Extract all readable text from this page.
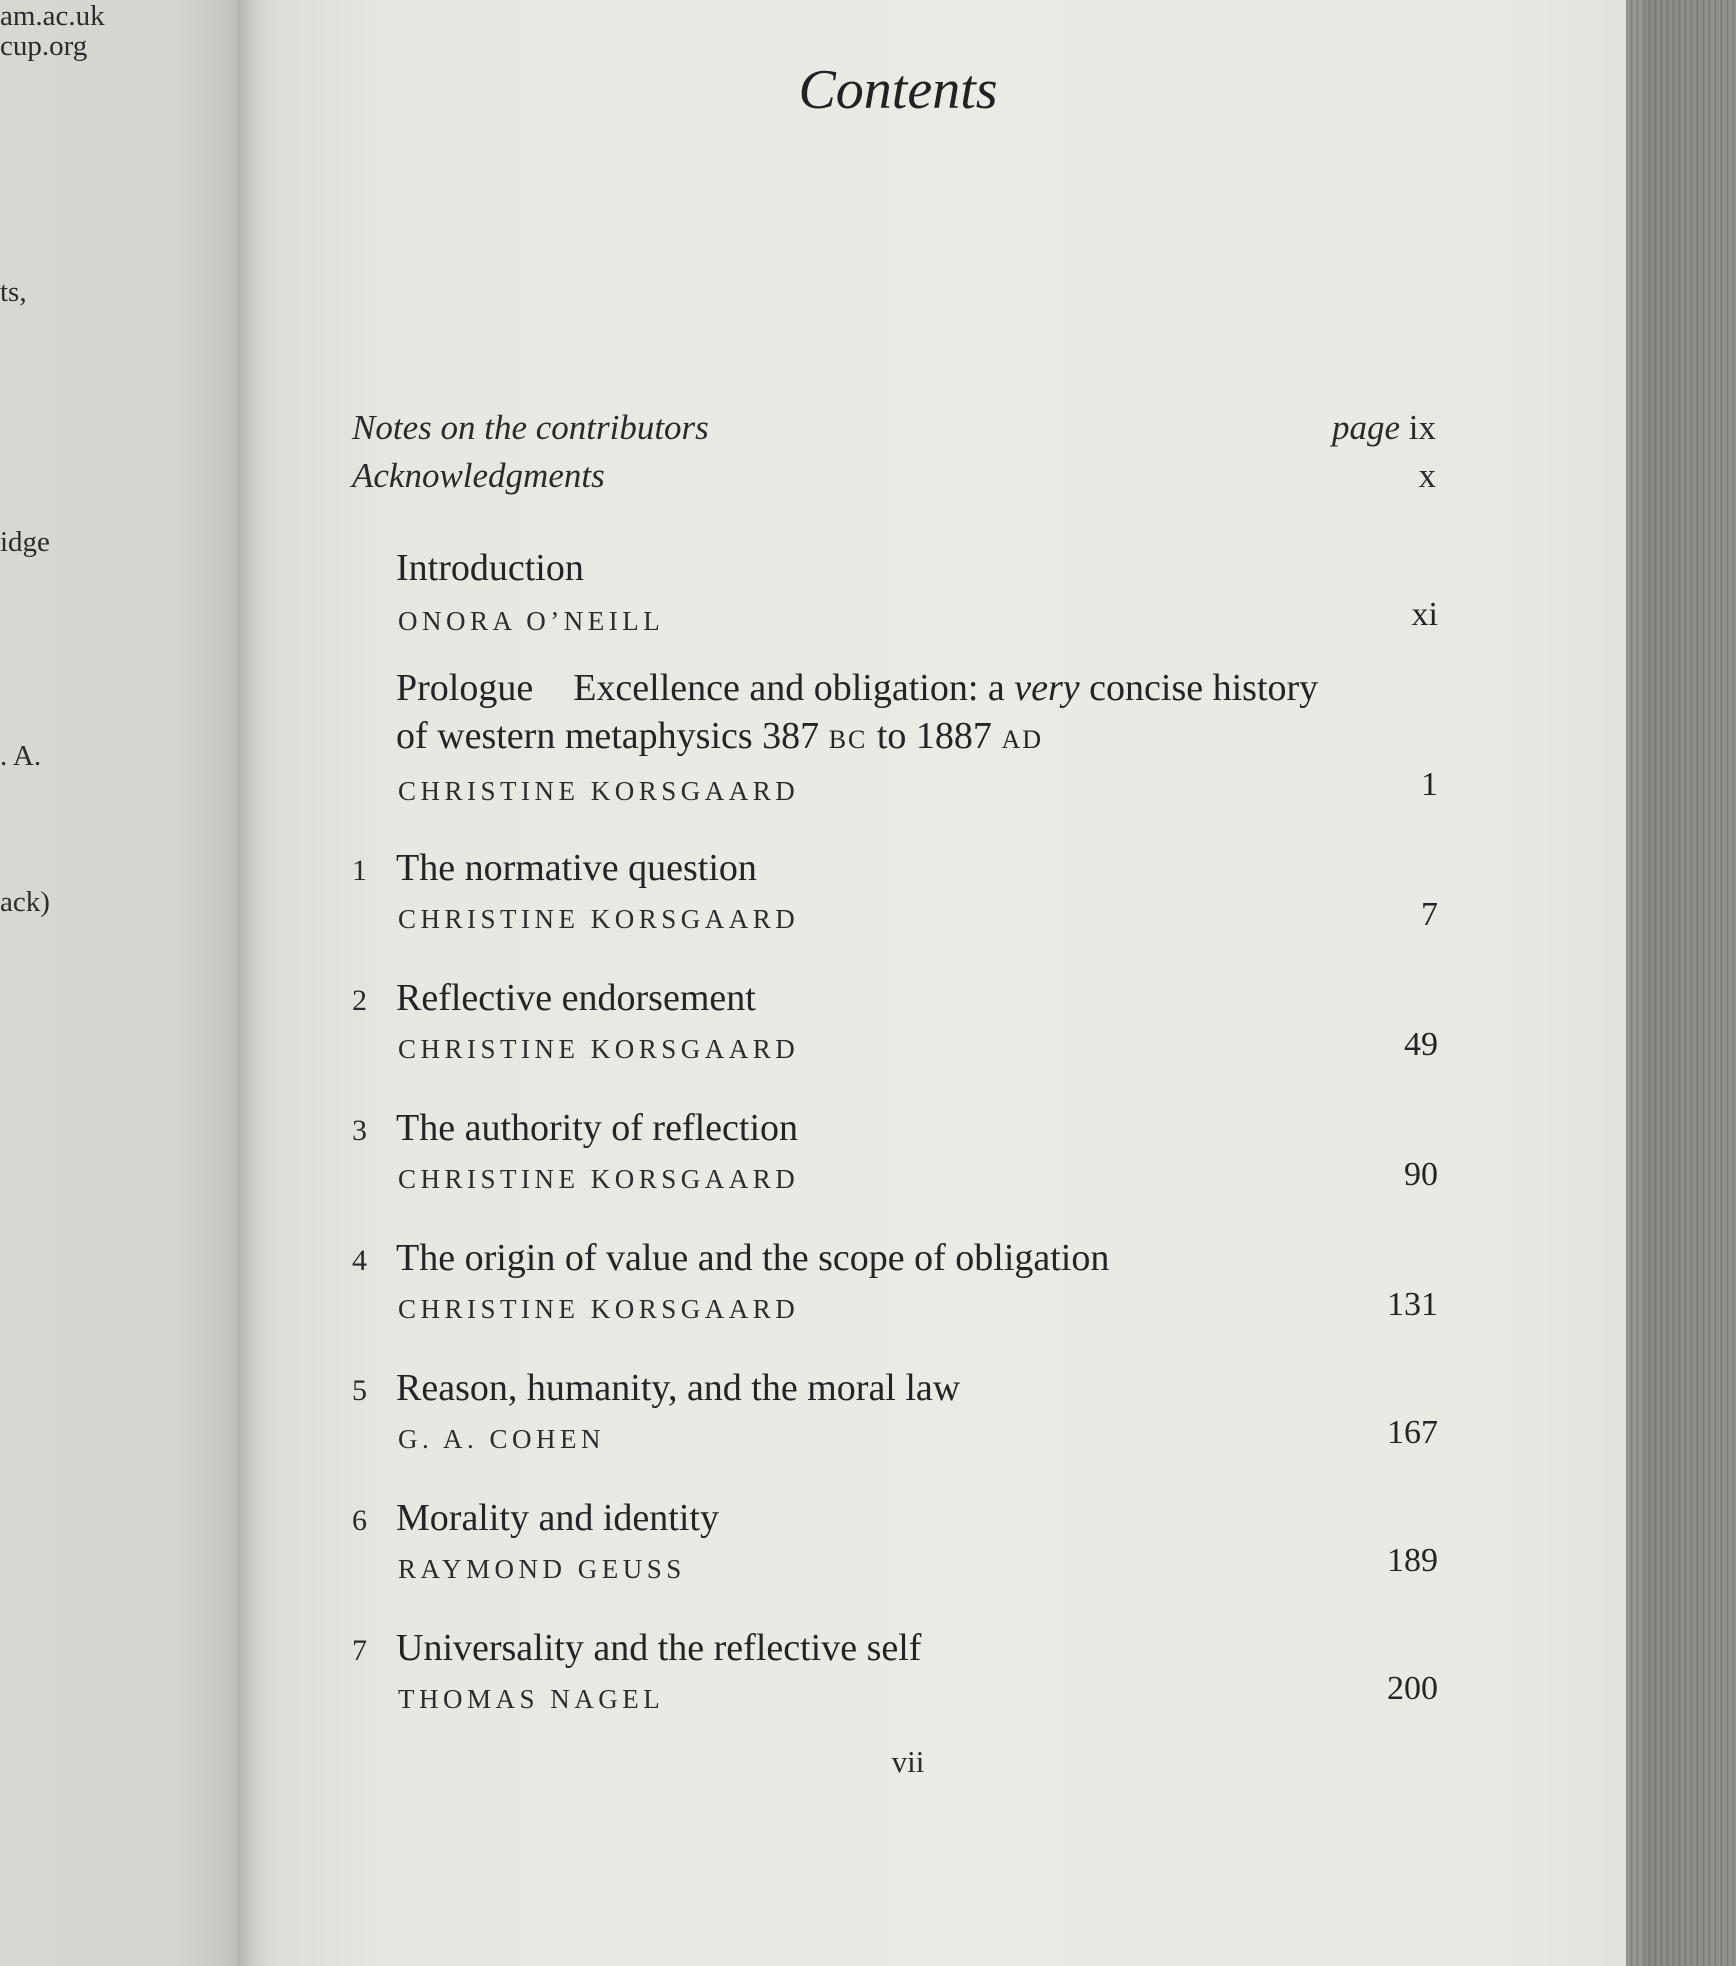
am.ac.uk
cup.org
ts,
idge
. A.
ack)
Contents
Notes on the contributors	page ix
Acknowledgments	x
Introduction
ONORA O’NEILL	xi
Prologue Excellence and obligation: a very concise history
of western metaphysics 387 BC to 1887 AD
CHRISTINE KORSGAARD	1
1 The normative question
CHRISTINE KORSGAARD	7
2 Reflective endorsement
CHRISTINE KORSGAARD	49
3 The authority of reflection
CHRISTINE KORSGAARD	90
4 The origin of value and the scope of obligation
CHRISTINE KORSGAARD	131
5 Reason, humanity, and the moral law
G. A. COHEN	167
6 Morality and identity
RAYMOND GEUSS	189
7 Universality and the reflective self
THOMAS NAGEL	200
vii
